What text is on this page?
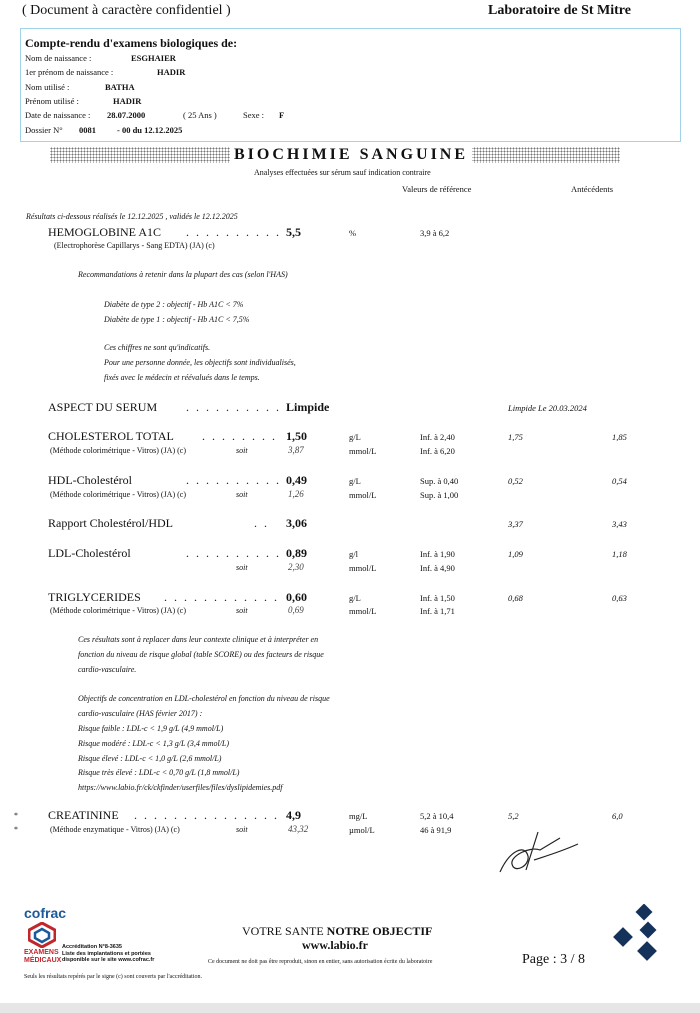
( Document à caractère confidentiel )	Laboratoire de St Mitre
Compte-rendu d'examens biologiques de:
Nom de naissance :	ESGHAIER
1er prénom de naissance :	HADIR
Nom utilisé :	BATHA
Prénom utilisé :	HADIR
Date de naissance : 28.07.2000	( 25 Ans )	Sexe : F
Dossier N° 0081 - 00 du 12.12.2025
BIOCHIMIE SANGUINE
Analyses effectuées sur sérum sauf indication contraire
Valeurs de référence	Antécédents
Résultats ci-dessous réalisés le 12.12.2025 , validés le 12.12.2025
HEMOGLOBINE A1C . . . . . . . . . . 5,5	%	3,9 à 6,2
(Electrophorèse Capillarys - Sang EDTA) (JA) (c)
Recommandations à retenir dans la plupart des cas (selon l'HAS)
Diabète de type 2 : objectif - Hb A1C < 7%
Diabète de type 1 : objectif - Hb A1C < 7,5%
Ces chiffres ne sont qu'indicatifs.
Pour une personne donnée, les objectifs sont individualisés,
fixés avec le médecin et réévalués dans le temps.
ASPECT DU SERUM . . . . . . . . . . Limpide	Limpide Le 20.03.2024
CHOLESTEROL TOTAL . . . . . . . . 1,50	g/L	Inf. à 2,40	1,75	1,85
(Méthode colorimétrique - Vitros) (JA) (c)	soit	3,87	mmol/L	Inf. à 6,20
HDL-Cholestérol	. . . . . . . . . . 0,49	g/L	Sup. à 0,40	0,52	0,54
(Méthode colorimétrique - Vitros) (JA) (c)	soit	1,26	mmol/L	Sup. à 1,00
Rapport Cholestérol/HDL	. . 3,06	3,37	3,43
LDL-Cholestérol	. . . . . . . . . . 0,89	g/l	Inf. à 1,90	1,09	1,18
soit	2,30	mmol/L	Inf. à 4,90
TRIGLYCERIDES . . . . . . . . . . . . 0,60	g/L	Inf. à 1,50	0,68	0,63
(Méthode colorimétrique - Vitros) (JA) (c)	soit	0,69	mmol/L	Inf. à 1,71
Ces résultats sont à replacer dans leur contexte clinique et à interpréter en
fonction du niveau de risque global (table SCORE) ou des facteurs de risque
cardio-vasculaire.
Objectifs de concentration en LDL-cholestérol en fonction du niveau de risque
cardio-vasculaire (HAS février 2017) :
Risque faible : LDL-c < 1,9 g/L (4,9 mmol/L)
Risque modéré : LDL-c < 1,3 g/L (3,4 mmol/L)
Risque élevé : LDL-c < 1,0 g/L (2,6 mmol/L)
Risque très élevé : LDL-c < 0,70 g/L (1,8 mmol/L)
https://www.labio.fr/ck/ckfinder/userfiles/files/dyslipidemies.pdf
*	CREATININE . . . . . . . . . . . . . . . 4,9	mg/L	5,2 à 10,4	5,2	6,0
*	(Méthode enzymatique - Vitros) (JA) (c)	soit	43,32	µmol/L	46 à 91,9
cofrac
EXAMENS
MÉDICAUX
Accréditation N°8-3635
Liste des implantations et portées
disponible sur le site www.cofrac.fr
Seuls les résultats repérés par le signe (c) sont couverts par l'accréditation.
VOTRE SANTE NOTRE OBJECTIF
www.labio.fr
Ce document ne doit pas être reproduit, sinon en entier, sans autorisation écrite du laboratoire	Page : 3 / 8
